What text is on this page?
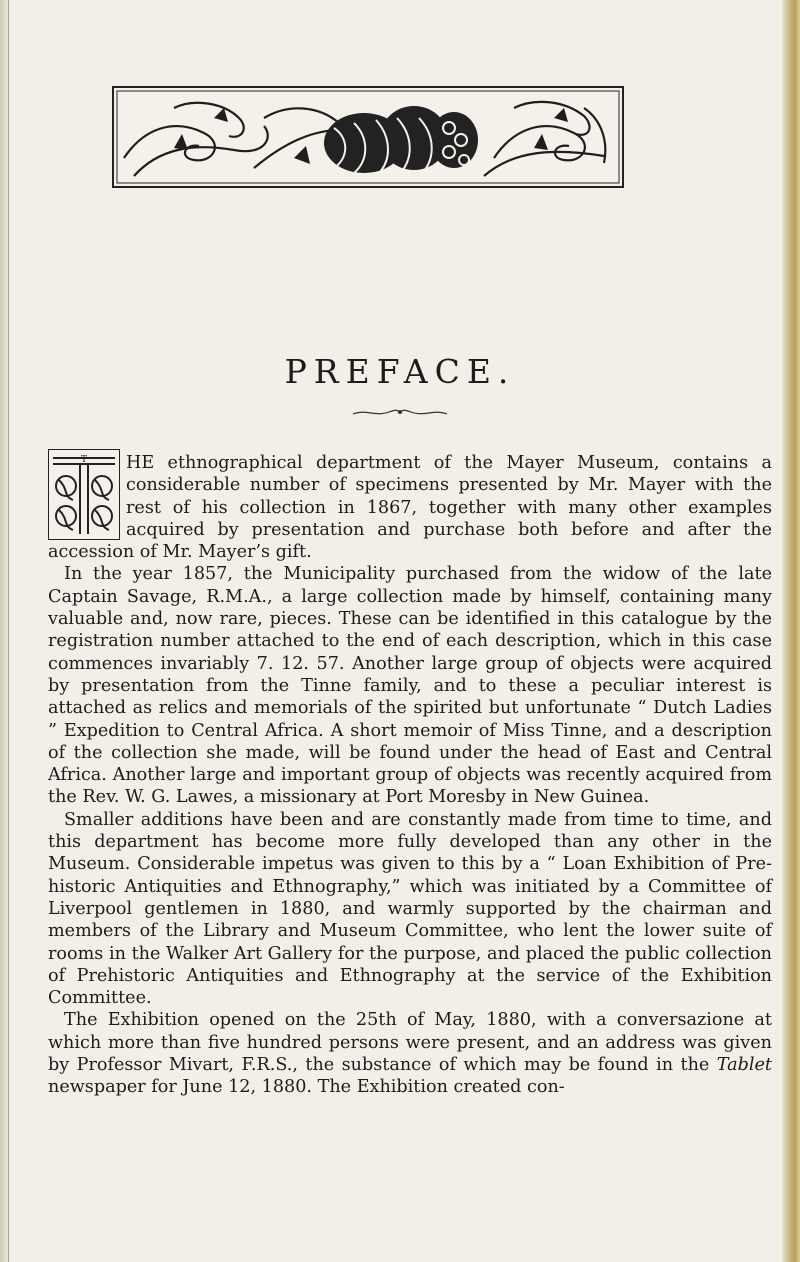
PREFACE.
T	HE ethnographical department of the Mayer Museum, contains a considerable number of specimens presented by Mr. Mayer with the rest of his collection in 1867, together with many other examples acquired by presentation and purchase both before and after the accession of Mr. Mayer’s gift.

In the year 1857, the Municipality purchased from the widow of the late Captain Savage, R.M.A., a large collection made by himself, containing many valuable and, now rare, pieces. These can be identified in this catalogue by the registration number attached to the end of each description, which in this case commences invariably 7. 12. 57. Another large group of objects were acquired by presentation from the Tinne family, and to these a peculiar interest is attached as relics and memorials of the spirited but unfortunate “ Dutch Ladies ” Expedition to Central Africa. A short memoir of Miss Tinne, and a description of the collection she made, will be found under the head of East and Central Africa. Another large and important group of objects was recently acquired from the Rev. W. G. Lawes, a missionary at Port Moresby in New Guinea.

Smaller additions have been and are constantly made from time to time, and this department has become more fully developed than any other in the Museum. Considerable impetus was given to this by a “ Loan Exhibition of Pre-historic Antiquities and Ethnography,” which was initiated by a Committee of Liverpool gentlemen in 1880, and warmly supported by the chairman and members of the Library and Museum Committee, who lent the lower suite of rooms in the Walker Art Gallery for the purpose, and placed the public collection of Prehistoric Antiquities and Ethnography at the service of the Exhibition Committee.

The Exhibition opened on the 25th of May, 1880, with a conversazione at which more than five hundred persons were present, and an address was given by Professor Mivart, F.R.S., the substance of which may be found in the Tablet newspaper for June 12, 1880. The Exhibition created con-
